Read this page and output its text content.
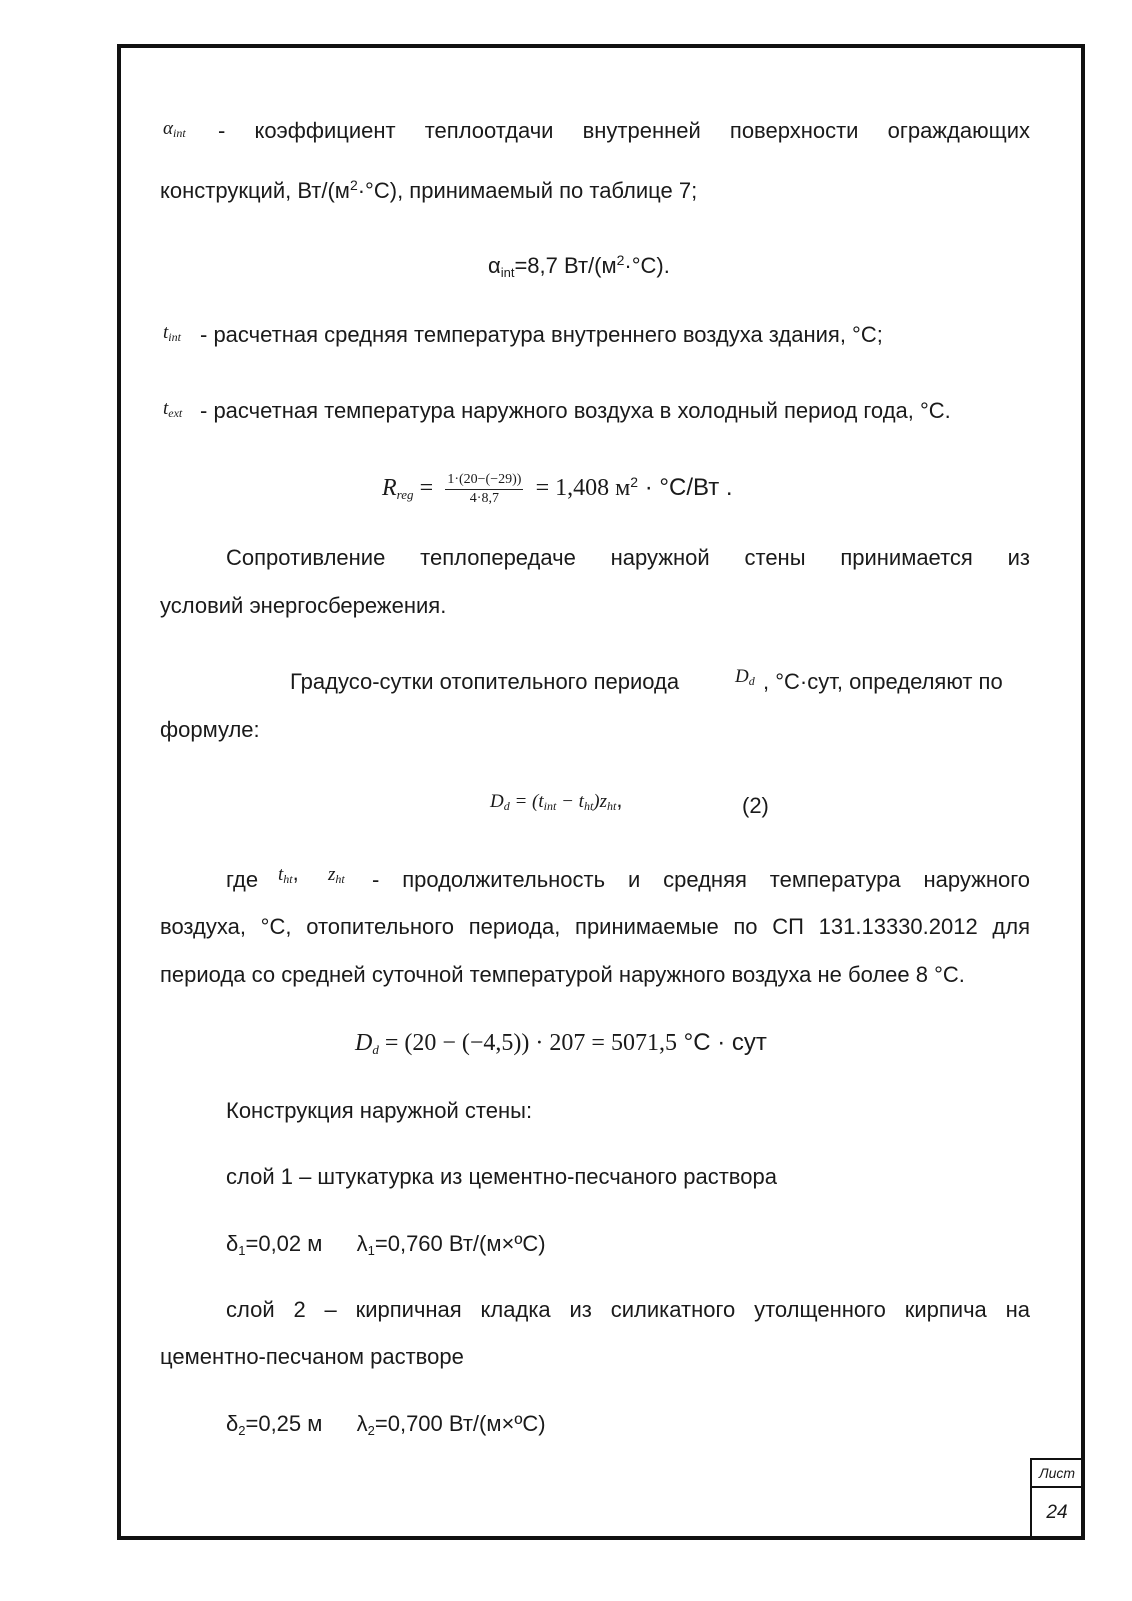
$\alpha_{int}$ - коэффициент теплоотдачи внутренней поверхности ограждающих
конструкций, $Вт/(м^2\cdot^\circ С)$, принимаемый по таблице 7;
$\alpha_{int}=8,7$ $Вт/(м^2\cdot^\circ С)$.
$t_{int}$ - расчетная средняя температура внутреннего воздуха здания, °С;
$t_{ext}$ - расчетная температура наружного воздуха в холодный период года, °С.
$R_{reg} = \frac{1\cdot(20-(-29))}{4\cdot 8,7} = 1,408$ $м^2 \cdot ^\circ С/Вт$ .
Сопротивление теплопередаче наружной стены принимается из
условий энергосбережения.
Градусо-сутки отопительного периода	$D_d$ , °С·сут, определяют по
формуле:
$D_d = (t_{int} - t_{ht})z_{ht}$,	(2)
где $t_{ht}$, $z_{ht}$ - продолжительность и средняя температура наружного
воздуха, °С, отопительного периода, принимаемые по СП 131.13330.2012 для
периода со средней суточной температурой наружного воздуха не более 8 °С.
$D_d = (20 - (-4,5)) \cdot 207 = 5071,5$ °С · сут
Конструкция наружной стены:
слой 1 – штукатурка из цементно-песчаного раствора
$\delta_1=0,02$ м $\lambda_1=0,760$ Вт/(м×ºС)
слой 2 – кирпичная кладка из силикатного утолщенного кирпича на
цементно-песчаном растворе
$\delta_2=0,25$ м $\lambda_2=0,700$ Вт/(м×ºС)
Лист
24
